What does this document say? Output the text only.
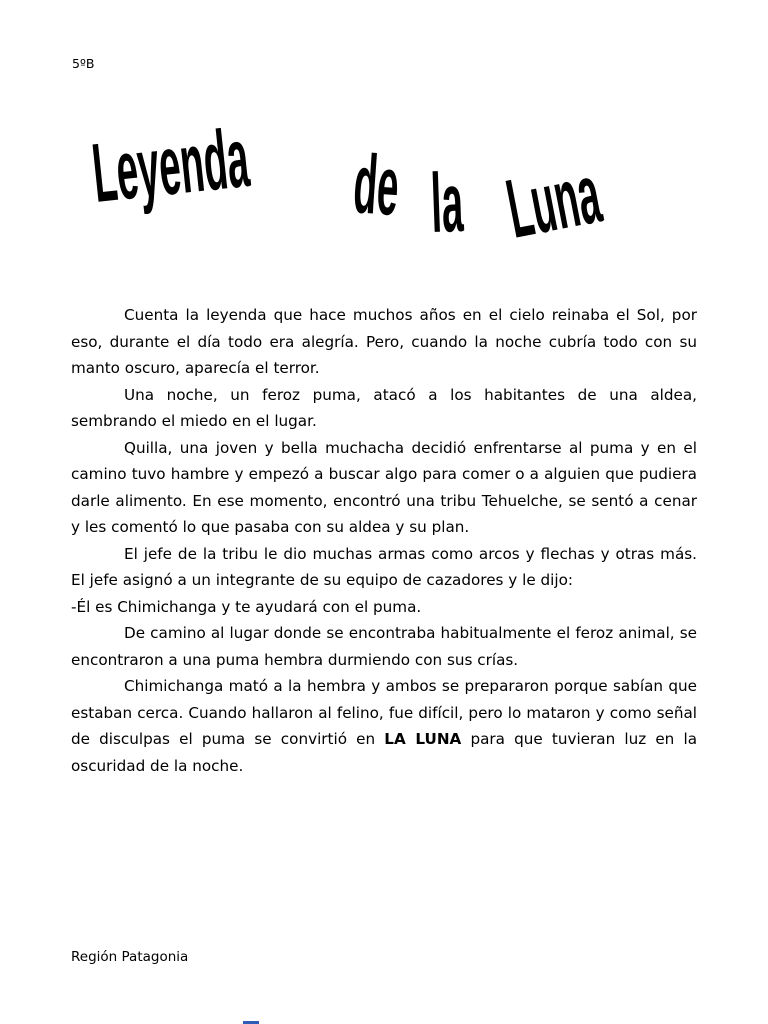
5ºB
Leyenda de la Luna

Cuenta la leyenda que hace muchos años en el cielo reinaba el Sol, por eso, durante el día todo era alegría. Pero, cuando la noche cubría todo con su manto oscuro, aparecía el terror.

Una noche, un feroz puma, atacó a los habitantes de una aldea, sembrando el miedo en el lugar.

Quilla, una joven y bella muchacha decidió enfrentarse al puma y en el camino tuvo hambre y empezó a buscar algo para comer o a alguien que pudiera darle alimento. En ese momento, encontró una tribu Tehuelche, se sentó a cenar y les comentó lo que pasaba con su aldea y su plan.

El jefe de la tribu le dio muchas armas como arcos y flechas y otras más. El jefe asignó a un integrante de su equipo de cazadores y le dijo:

-Él es Chimichanga y te ayudará con el puma.

De camino al lugar donde se encontraba habitualmente el feroz animal, se encontraron a una puma hembra durmiendo con sus crías.

Chimichanga mató a la hembra y ambos se prepararon porque sabían que estaban cerca. Cuando hallaron al felino, fue difícil, pero lo mataron y como señal de disculpas el puma se convirtió en LA LUNA para que tuvieran luz en la oscuridad de la noche.

Región Patagonia
